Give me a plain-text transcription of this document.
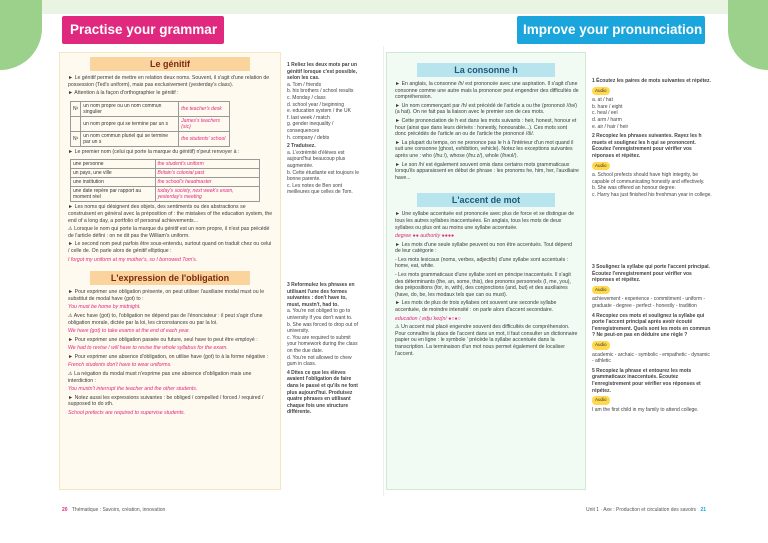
Practise your grammar	Improve your pronunciation
Le génitif
► Le génitif permet de mettre en relation deux noms. Souvent, il s'agit d'une relation de possession (Ted's uniform), mais pas exclusivement (yesterday's class).
► Attention à la façon d'orthographier le génitif :
N¹	un nom propre ou un nom commun singulier	the teacher's desk
	un nom propre qui se termine par un s	James's teachers (sic)
N¹	un nom commun pluriel qui se termine par un s	the students' school
► Le premier nom (celui qui porte la marque du génitif) n'peut renvoyer à :
une personne	the student's uniform
un pays, une ville	Britain's colonial past
une institution	the school's headmaster
une date repère par rapport au moment réel	today's society, next week's exam, yesterday's meeting
► Les noms qui désignent des objets, des sentiments ou des abstractions se construisent en général avec la préposition of : the mistakes of the education system, the end of a long day, a portfolio of personal achievements...
⚠ Lorsque le nom qui porte la marque du génitif est un nom propre, il n'est pas précédé de l'article défini : on ne dit pas the William's uniform.
► Le second nom peut parfois être sous-entendu, surtout quand on traduit chez ou celui / celle de. On parle alors de génitif elliptique :
I forgot my uniform at my mother's, so I borrowed Tom's.
L'expression de l'obligation
► Pour exprimer une obligation présente, on peut utiliser l'auxiliaire modal must ou le substitut de modal have (got) to :
You must be home by midnight.
⚠ Avec have (got) to, l'obligation ne dépend pas de l'énonciateur : il peut s'agir d'une obligation morale, dictée par la loi, les circonstances ou par la loi.
We have (got) to take exams at the end of each year.
► Pour exprimer une obligation passée ou future, seul have to peut être employé :
We had to revise / will have to revise the whole syllabus for the exam.
► Pour exprimer une absence d'obligation, on utilise have (got) to à la forme négative :
French students don't have to wear uniforms.
⚠ La négation du modal must n'exprime pas une absence d'obligation mais une interdiction :
You mustn't interrupt the teacher and the other students.
► Notez aussi les expressions suivantes : be obliged / compelled / forced / required / supposed to do sth.
School prefects are required to supervise students.
1 Reliez les deux mots par un génitif lorsque c'est possible, selon les cas.
a. Tom / friends
b. his brothers / school results
c. Monday / class
d. school year / beginning
e. education system / the UK
f. last week / match
g. gender inequality / consequences
h. company / debts
2 Traduisez.
a. L'extrémité d'élèves est aujourd'hui beaucoup plus augmentée.
b. Cette étudiante est toujours le bonne parente.
c. Les notes de Ben sont meilleures que celles de Tom.
3 Reformulez les phrases en utilisant l'une des formes suivantes : don't have to, must, mustn't, had to.
a. You're not obliged to go to university if you don't want to.
b. She was forced to drop out of university.
c. You are required to submit your homework during the class on the due date.
d. You're not allowed to chew gum in class.
4 Dites ce que les élèves avaient l'obligation de faire dans le passé et qu'ils ne font plus aujourd'hui. Produisez quatre phrases en utilisant chaque fois une structure différente.
La consonne h
► En anglais, la consonne /h/ est prononcée avec une aspiration. Il s'agit d'une consonne comme une autre mais la prononcer peut engendrer des difficultés de compréhension.
► Un nom commençant par /h/ est précédé de l'article a ou the (prononcé /ðə/) (a hat). On ne fait pas la liaison avec le premier son de ces mots.
► Cette prononciation de h est dans les mots suivants : heir, honest, honour et hour (ainsi que dans leurs dérivés : honestly, honourable...). Ces mots sont donc précédés de l'article an ou de l'article the prononcé /ði/.
► La plupart du temps, on ne prononce pas le h à l'intérieur d'un mot quand il suit une consonne (ghost, exhibition, vehicle). Notez les exceptions suivantes après une : who (/huː/), whose (/huːz/), whole (/həʊl/).
► Le son /h/ est également souvent omis dans certains mots grammaticaux lorsqu'ils apparaissent en début de phrase : les pronoms he, him, her, l'auxiliaire have...
L'accent de mot
► Une syllabe accentuée est prononcée avec plus de force et se distingue de tous les autres syllabes inaccentuées. En anglais, tous les mots de deux syllabes ou plus ont au moins une syllabe accentuée.
degree ●● authority ●●●●
► Les mots d'une seule syllabe peuvent ou non être accentués. Tout dépend de leur catégorie :
- Les mots lexicaux (noms, verbes, adjectifs) d'une syllabe sont accentués : home, eat, white.
- Les mots grammaticaux d'une syllabe sont en principe inaccentués. Il s'agit des déterminants (the, an, some, this), des pronoms personnels (I, me, you), des prépositions (for, in, with), des conjonctions (and, but) et des auxiliaires (have, do, be, les modaux tels que can ou must).
► Les mots de plus de trois syllabes ont souvent une seconde syllabe accentuée, de moindre intensité : on parle alors d'accent secondaire.
education /ˌedjuˈkeɪʃn/ ●○●○
⚠ Un accent mal placé engendre souvent des difficultés de compréhension. Pour connaître la place de l'accent dans un mot, il faut consulter un dictionnaire papier ou en ligne : le symbole ' précède la syllabe accentuée dans la transcription. La terminaison d'un mot nous permet également de localiser l'accent.
1 Écoutez les paires de mots suivantes et répétez.
Audio
a. at / hat
b. hare / eight
c. heal / eel
d. arm / harm
e. air / hair / heir
2 Recopiez les phrases suivantes. Rayez les h muets et soulignez les h qui se prononcent. Écoutez l'enregistrement pour vérifier vos réponses et répétez.
Audio
a. School prefects should have high integrity, be capable of communicating honestly and effectively.
b. She was offered an honour degree.
c. Harry has just finished his freshman year in college.
3 Soulignez la syllabe qui porte l'accent principal. Écoutez l'enregistrement pour vérifier vos réponses et répétez.
Audio
achievement - experience - commitment - uniform - graduate - degree - perfect - honestly - tradition
4 Recopiez ces mots et soulignez la syllabe qui porte l'accent principal après avoir écouté l'enregistrement. Quels sont les mots en commun ? Ne peut-on pas en déduire une règle ?
Audio
academic - archaic - symbolic - empathetic - dynamic - athletic
5 Recopiez la phrase et entourez les mots grammaticaux inaccentués. Écoutez l'enregistrement pour vérifier vos réponses et répétez.
Audio
I am the first child in my family to attend college.
20 Thématique : Savoirs, création, innovation	Unit 1 · Axe : Production et circulation des savoirs 21
